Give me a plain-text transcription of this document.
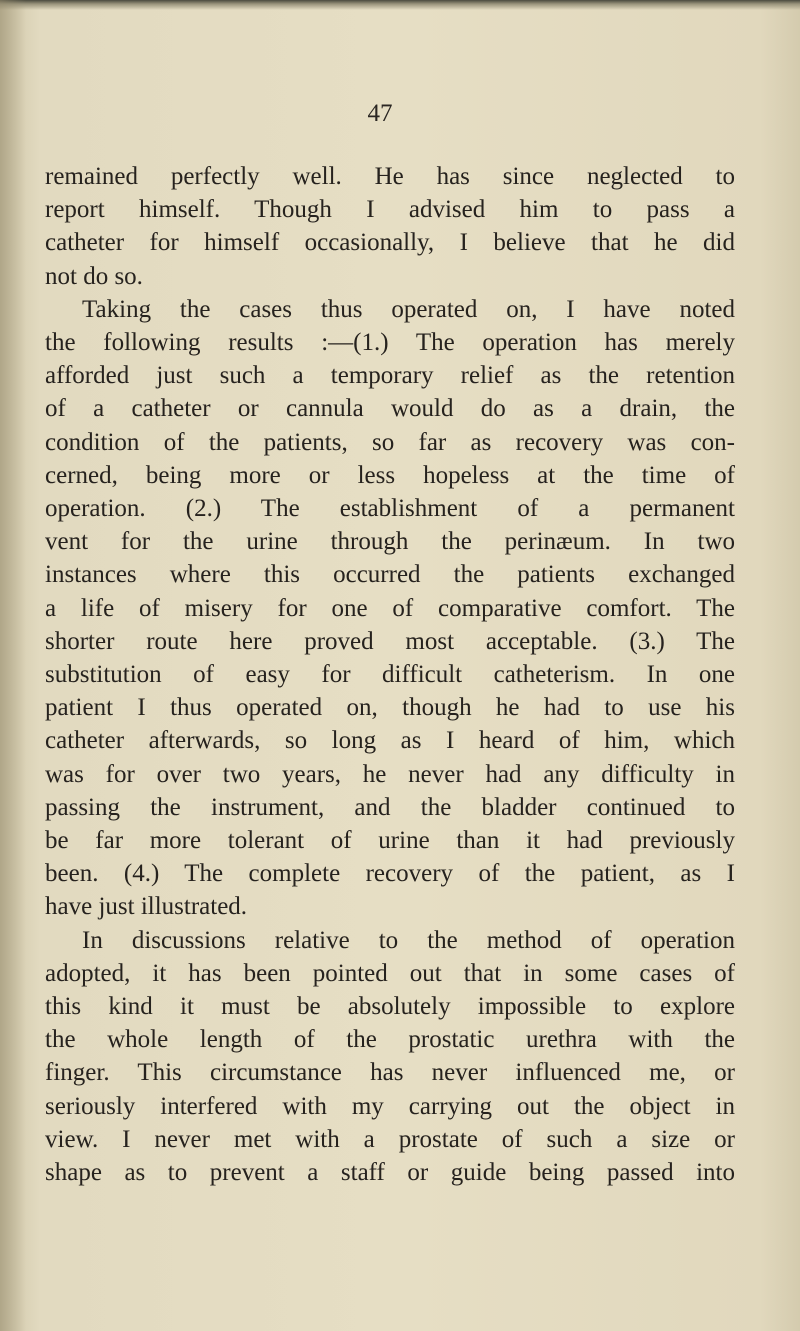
47

remained perfectly well. He has since neglected to
report himself. Though I advised him to pass a
catheter for himself occasionally, I believe that he did
not do so.
Taking the cases thus operated on, I have noted
the following results :—(1.) The operation has merely
afforded just such a temporary relief as the retention
of a catheter or cannula would do as a drain, the
condition of the patients, so far as recovery was con-
cerned, being more or less hopeless at the time of
operation. (2.) The establishment of a permanent
vent for the urine through the perinæum. In two
instances where this occurred the patients exchanged
a life of misery for one of comparative comfort. The
shorter route here proved most acceptable. (3.) The
substitution of easy for difficult catheterism. In one
patient I thus operated on, though he had to use his
catheter afterwards, so long as I heard of him, which
was for over two years, he never had any difficulty in
passing the instrument, and the bladder continued to
be far more tolerant of urine than it had previously
been. (4.) The complete recovery of the patient, as I
have just illustrated.
In discussions relative to the method of operation
adopted, it has been pointed out that in some cases of
this kind it must be absolutely impossible to explore
the whole length of the prostatic urethra with the
finger. This circumstance has never influenced me, or
seriously interfered with my carrying out the object in
view. I never met with a prostate of such a size or
shape as to prevent a staff or guide being passed into
